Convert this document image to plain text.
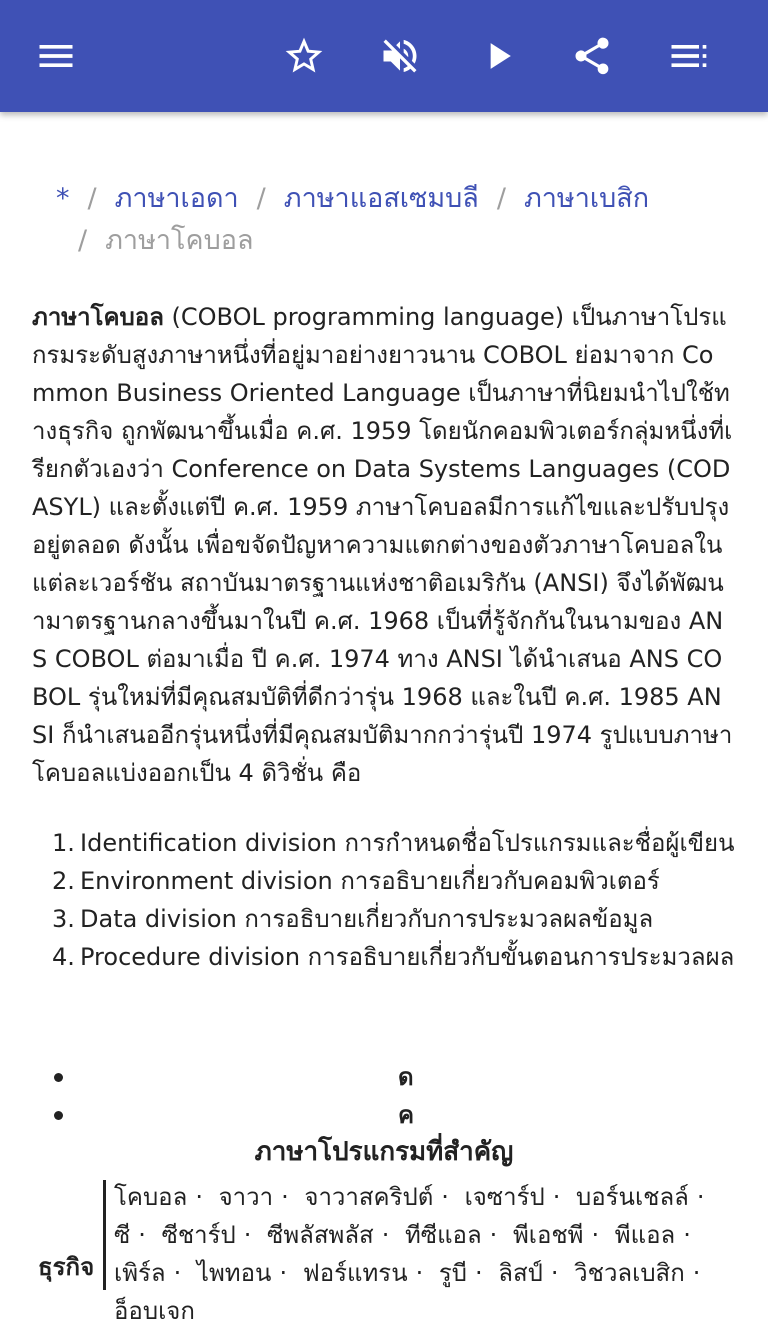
* / ภาษาเอดา / ภาษาแอสเซมบลี / ภาษาเบสิก
/ ภาษาโคบอล
ภาษาโคบอล (COBOL programming language) เป็นภาษาโปรแกรมระดับสูงภาษาหนึ่งที่อยู่มาอย่างยาวนาน COBOL ย่อมาจาก Common Business Oriented Language เป็นภาษาที่นิยมนำไปใช้ทางธุรกิจ ถูกพัฒนาขึ้นเมื่อ ค.ศ. 1959 โดยนักคอมพิวเตอร์กลุ่มหนึ่งที่เรียกตัวเองว่า Conference on Data Systems Languages (CODASYL) และตั้งแต่ปี ค.ศ. 1959 ภาษาโคบอลมีการแก้ไขและปรับปรุงอยู่ตลอด ดังนั้น เพื่อขจัดปัญหาความแตกต่างของตัวภาษาโคบอลในแต่ละเวอร์ชัน สถาบันมาตรฐานแห่งชาติอเมริกัน (ANSI) จึงได้พัฒนามาตรฐานกลางขึ้นมาในปี ค.ศ. 1968 เป็นที่รู้จักกันในนามของ ANS COBOL ต่อมาเมื่อ ปี ค.ศ. 1974 ทาง ANSI ได้นำเสนอ ANS COBOL รุ่นใหม่ที่มีคุณสมบัติที่ดีกว่ารุ่น 1968 และในปี ค.ศ. 1985 ANSI ก็นำเสนออีกรุ่นหนึ่งที่มีคุณสมบัติมากกว่ารุ่นปี 1974 รูปแบบภาษาโคบอลแบ่งออกเป็น 4 ดิวิชั่น คือ
1. Identification division การกำหนดชื่อโปรแกรมและชื่อผู้เขียน
2. Environment division การอธิบายเกี่ยวกับคอมพิวเตอร์
3. Data division การอธิบายเกี่ยวกับการประมวลผลข้อมูล
4. Procedure division การอธิบายเกี่ยวกับขั้นตอนการประมวลผล
ด
ค
ภาษาโปรแกรมที่สำคัญ
ธุรกิจ
โคบอล · จาวา · จาวาสคริปต์ · เจซาร์ป · บอร์นเชลล์ · ซี · ซีชาร์ป · ซีพลัสพลัส · ทีซีแอล · พีเอชพี · พีแอล · เพิร์ล · ไพทอน · ฟอร์แทรน · รูบี · ลิสป์ · วิชวลเบสิก · อ็อบเจก
